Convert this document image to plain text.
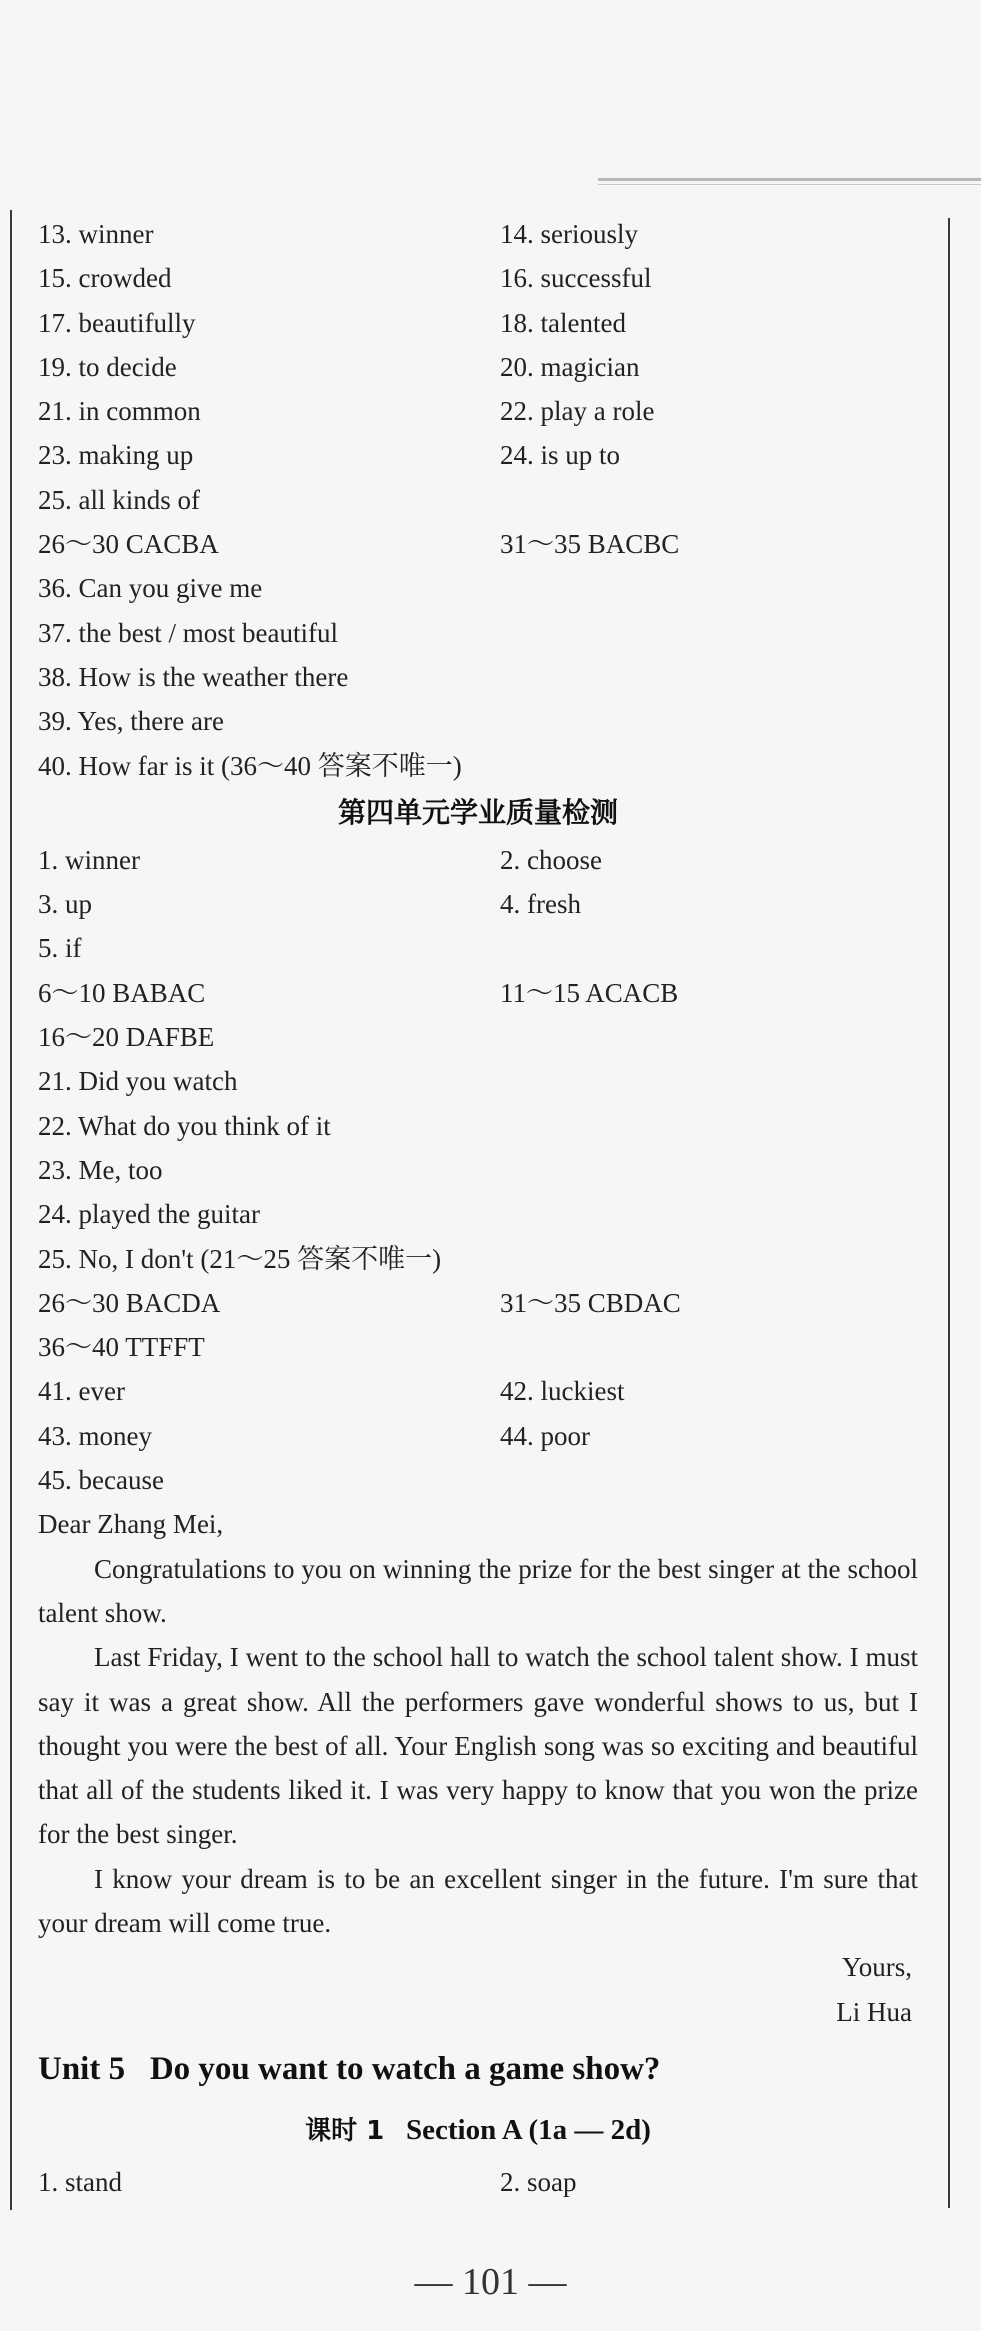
13. winner	14. seriously
15. crowded	16. successful
17. beautifully	18. talented
19. to decide	20. magician
21. in common	22. play a role
23. making up	24. is up to
25. all kinds of
26～30 CACBA	31～35 BACBC
36. Can you give me
37. the best / most beautiful
38. How is the weather there
39. Yes, there are
40. How far is it (36～40 答案不唯一)
第四单元学业质量检测
1. winner	2. choose
3. up	4. fresh
5. if
6～10 BABAC	11～15 ACACB
16～20 DAFBE
21. Did you watch
22. What do you think of it
23. Me, too
24. played the guitar
25. No, I don't (21～25 答案不唯一)
26～30 BACDA	31～35 CBDAC
36～40 TTFFT
41. ever	42. luckiest
43. money	44. poor
45. because

Dear Zhang Mei,

Congratulations to you on winning the prize for the best singer at the school talent show.

Last Friday, I went to the school hall to watch the school talent show. I must say it was a great show. All the performers gave wonderful shows to us, but I thought you were the best of all. Your English song was so exciting and beautiful that all of the students liked it. I was very happy to know that you won the prize for the best singer.

I know your dream is to be an excellent singer in the future. I'm sure that your dream will come true.

Yours,

Li Hua

Unit 5   Do you want to watch a game show?
课时 1 Section A (1a — 2d)
1. stand	2. soap
— 101 —
